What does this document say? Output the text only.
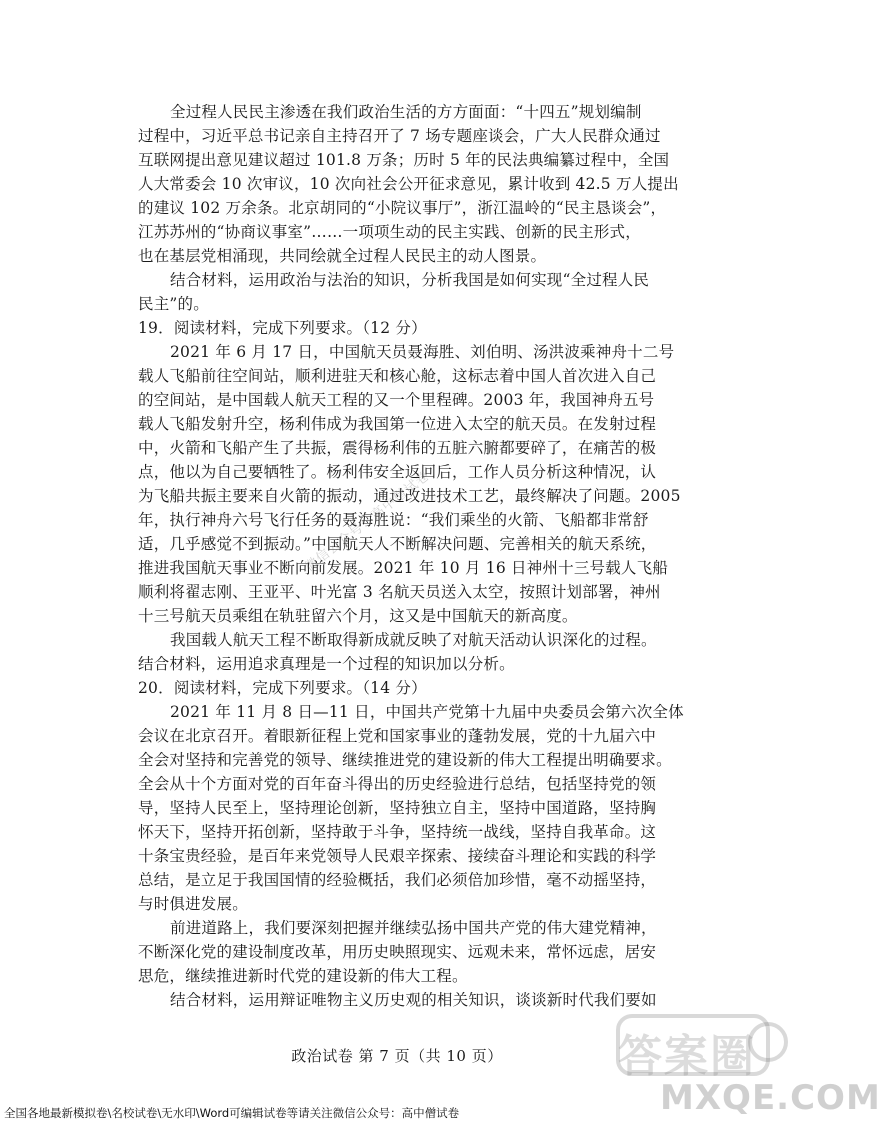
全过程人民民主渗透在我们政治生活的方方面面：“十四五”规划编制
过程中，习近平总书记亲自主持召开了 7 场专题座谈会，广大人民群众通过
互联网提出意见建议超过 101.8 万条；历时 5 年的民法典编纂过程中，全国
人大常委会 10 次审议，10 次向社会公开征求意见，累计收到 42.5 万人提出
的建议 102 万余条。北京胡同的“小院议事厅”，浙江温岭的“民主恳谈会”，
江苏苏州的“协商议事室”……一项项生动的民主实践、创新的民主形式，
也在基层党相涌现，共同绘就全过程人民民主的动人图景。
结合材料，运用政治与法治的知识，分析我国是如何实现“全过程人民
民主”的。
19．阅读材料，完成下列要求。（12 分）
2021 年 6 月 17 日，中国航天员聂海胜、刘伯明、汤洪波乘神舟十二号
载人飞船前往空间站，顺利进驻天和核心舱，这标志着中国人首次进入自己
的空间站，是中国载人航天工程的又一个里程碑。2003 年，我国神舟五号
载人飞船发射升空，杨利伟成为我国第一位进入太空的航天员。在发射过程
中，火箭和飞船产生了共振，震得杨利伟的五脏六腑都要碎了，在痛苦的极
点，他以为自己要牺牲了。杨利伟安全返回后，工作人员分析这种情况，认
为飞船共振主要来自火箭的振动，通过改进技术工艺，最终解决了问题。2005
年，执行神舟六号飞行任务的聂海胜说：“我们乘坐的火箭、飞船都非常舒
适，几乎感觉不到振动。”中国航天人不断解决问题、完善相关的航天系统，
推进我国航天事业不断向前发展。2021 年 10 月 16 日神州十三号载人飞船
顺利将翟志刚、王亚平、叶光富 3 名航天员送入太空，按照计划部署，神州
十三号航天员乘组在轨驻留六个月，这又是中国航天的新高度。
我国载人航天工程不断取得新成就反映了对航天活动认识深化的过程。
结合材料，运用追求真理是一个过程的知识加以分析。
20．阅读材料，完成下列要求。（14 分）
2021 年 11 月 8 日—11 日，中国共产党第十九届中央委员会第六次全体
会议在北京召开。着眼新征程上党和国家事业的蓬勃发展，党的十九届六中
全会对坚持和完善党的领导、继续推进党的建设新的伟大工程提出明确要求。
全会从十个方面对党的百年奋斗得出的历史经验进行总结，包括坚持党的领
导，坚持人民至上，坚持理论创新，坚持独立自主，坚持中国道路，坚持胸
怀天下，坚持开拓创新，坚持敢于斗争，坚持统一战线，坚持自我革命。这
十条宝贵经验，是百年来党领导人民艰辛探索、接续奋斗理论和实践的科学
总结，是立足于我国国情的经验概括，我们必须倍加珍惜，毫不动摇坚持，
与时俱进发展。
前进道路上，我们要深刻把握并继续弘扬中国共产党的伟大建党精神，
不断深化党的建设制度改革，用历史映照现实、远观未来，常怀远虑，居安
思危，继续推进新时代党的建设新的伟大工程。
结合材料，运用辩证唯物主义历史观的相关知识，谈谈新时代我们要如
微信公众号：高中僧试卷
答案圈
MXQE.COM
政治试卷 第 7 页（共 10 页）
全国各地最新模拟卷\名校试卷\无水印\Word可编辑试卷等请关注微信公众号：高中僧试卷
